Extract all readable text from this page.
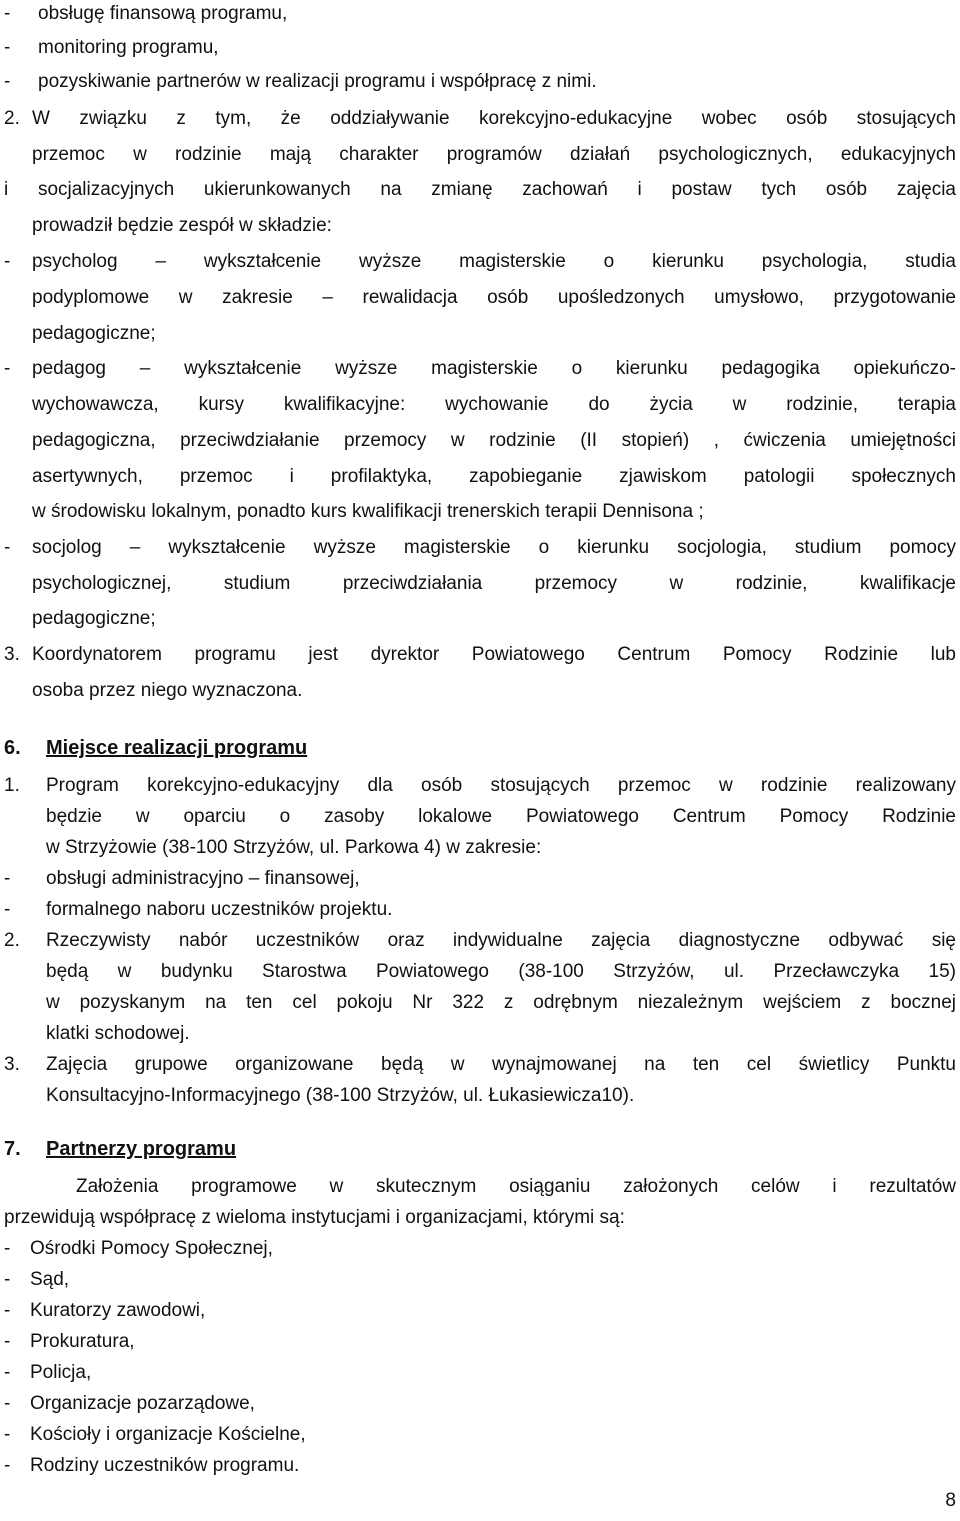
- obsługę finansową programu,
- monitoring programu,
- pozyskiwanie partnerów w realizacji programu i współpracę z nimi.
2. W związku z tym, że oddziaływanie korekcyjno-edukacyjne wobec osób stosujących
przemoc w rodzinie mają charakter programów działań psychologicznych, edukacyjnych
i socjalizacyjnych ukierunkowanych na zmianę zachowań i postaw tych osób zajęcia
prowadził będzie zespół w składzie:
- psycholog – wykształcenie wyższe magisterskie o kierunku psychologia, studia
podyplomowe w zakresie – rewalidacja osób upośledzonych umysłowo, przygotowanie
pedagogiczne;
- pedagog – wykształcenie wyższe magisterskie o kierunku pedagogika opiekuńczo-
wychowawcza, kursy kwalifikacyjne: wychowanie do życia w rodzinie, terapia
pedagogiczna, przeciwdziałanie przemocy w rodzinie (II stopień) , ćwiczenia umiejętności
asertywnych, przemoc i profilaktyka, zapobieganie zjawiskom patologii społecznych
w środowisku lokalnym, ponadto kurs kwalifikacji trenerskich terapii Dennisona ;
- socjolog – wykształcenie wyższe magisterskie o kierunku socjologia, studium pomocy
psychologicznej, studium przeciwdziałania przemocy w rodzinie, kwalifikacje
pedagogiczne;
3. Koordynatorem programu jest dyrektor Powiatowego Centrum Pomocy Rodzinie lub
osoba przez niego wyznaczona.
6. Miejsce realizacji programu
1. Program korekcyjno-edukacyjny dla osób stosujących przemoc w rodzinie realizowany
będzie w oparciu o zasoby lokalowe Powiatowego Centrum Pomocy Rodzinie
w Strzyżowie (38-100 Strzyżów, ul. Parkowa 4) w zakresie:
- obsługi administracyjno – finansowej,
- formalnego naboru uczestników projektu.
2. Rzeczywisty nabór uczestników oraz indywidualne zajęcia diagnostyczne odbywać się
będą w budynku Starostwa Powiatowego (38-100 Strzyżów, ul. Przecławczyka 15)
w pozyskanym na ten cel pokoju Nr 322 z odrębnym niezależnym wejściem z bocznej
klatki schodowej.
3. Zajęcia grupowe organizowane będą w wynajmowanej na ten cel świetlicy Punktu
Konsultacyjno-Informacyjnego (38-100 Strzyżów, ul. Łukasiewicza10).
7. Partnerzy programu
Założenia programowe w skutecznym osiąganiu założonych celów i rezultatów
przewidują współpracę z wieloma instytucjami i organizacjami, którymi są:
- Ośrodki Pomocy Społecznej,
- Sąd,
- Kuratorzy zawodowi,
- Prokuratura,
- Policja,
- Organizacje pozarządowe,
- Kościoły i organizacje Kościelne,
- Rodziny uczestników programu.
8
